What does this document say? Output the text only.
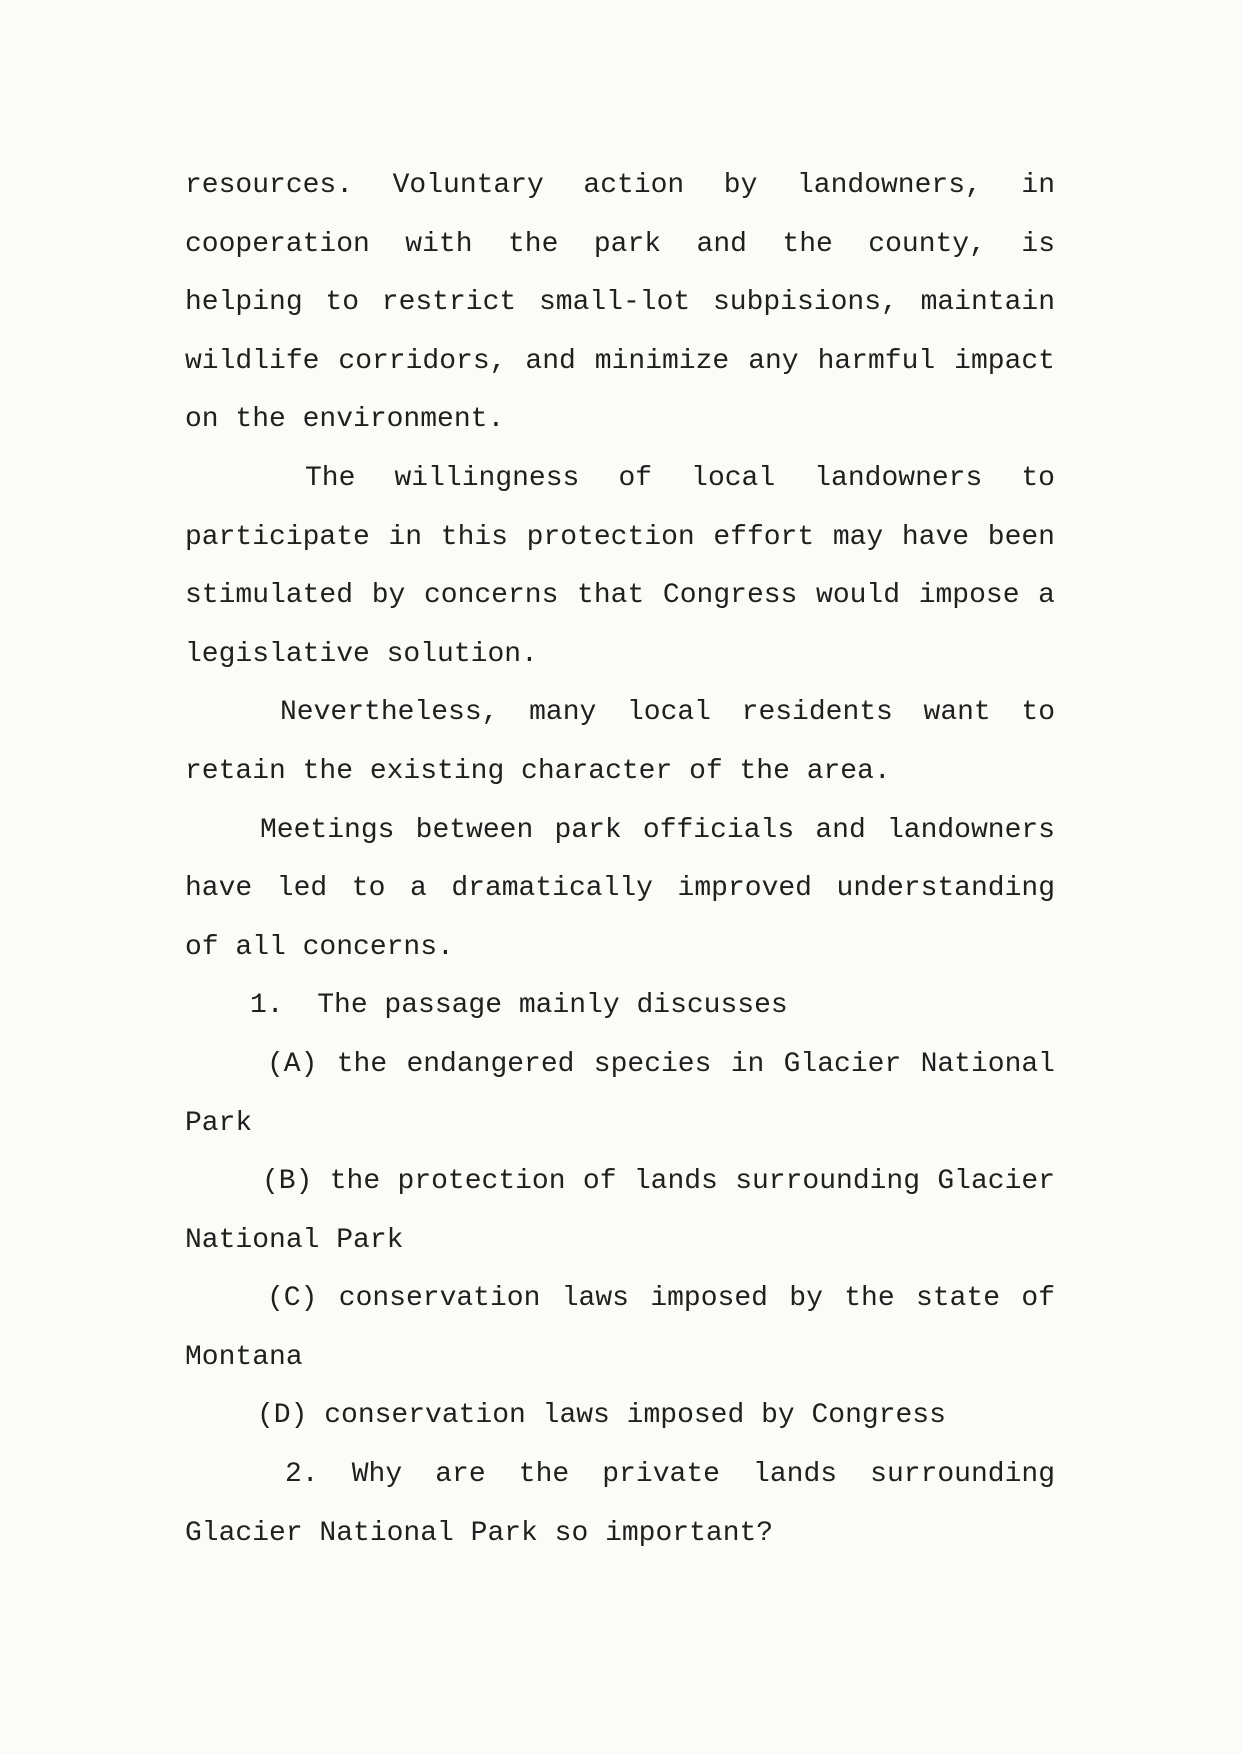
resources. Voluntary action by landowners, in
cooperation with the park and the county, is
helping to restrict small-lot subpisions, maintain
wildlife corridors, and minimize any harmful impact
on the environment.
The willingness of local landowners to
participate in this protection effort may have been
stimulated by concerns that Congress would impose a
legislative solution.
Nevertheless, many local residents want to
retain the existing character of the area.
Meetings between park officials and landowners
have led to a dramatically improved understanding
of all concerns.
1.  The passage mainly discusses
(A) the endangered species in Glacier National
Park
(B) the protection of lands surrounding Glacier
National Park
(C) conservation laws imposed by the state of
Montana
(D) conservation laws imposed by Congress
2. Why are the private lands surrounding
Glacier National Park so important?
